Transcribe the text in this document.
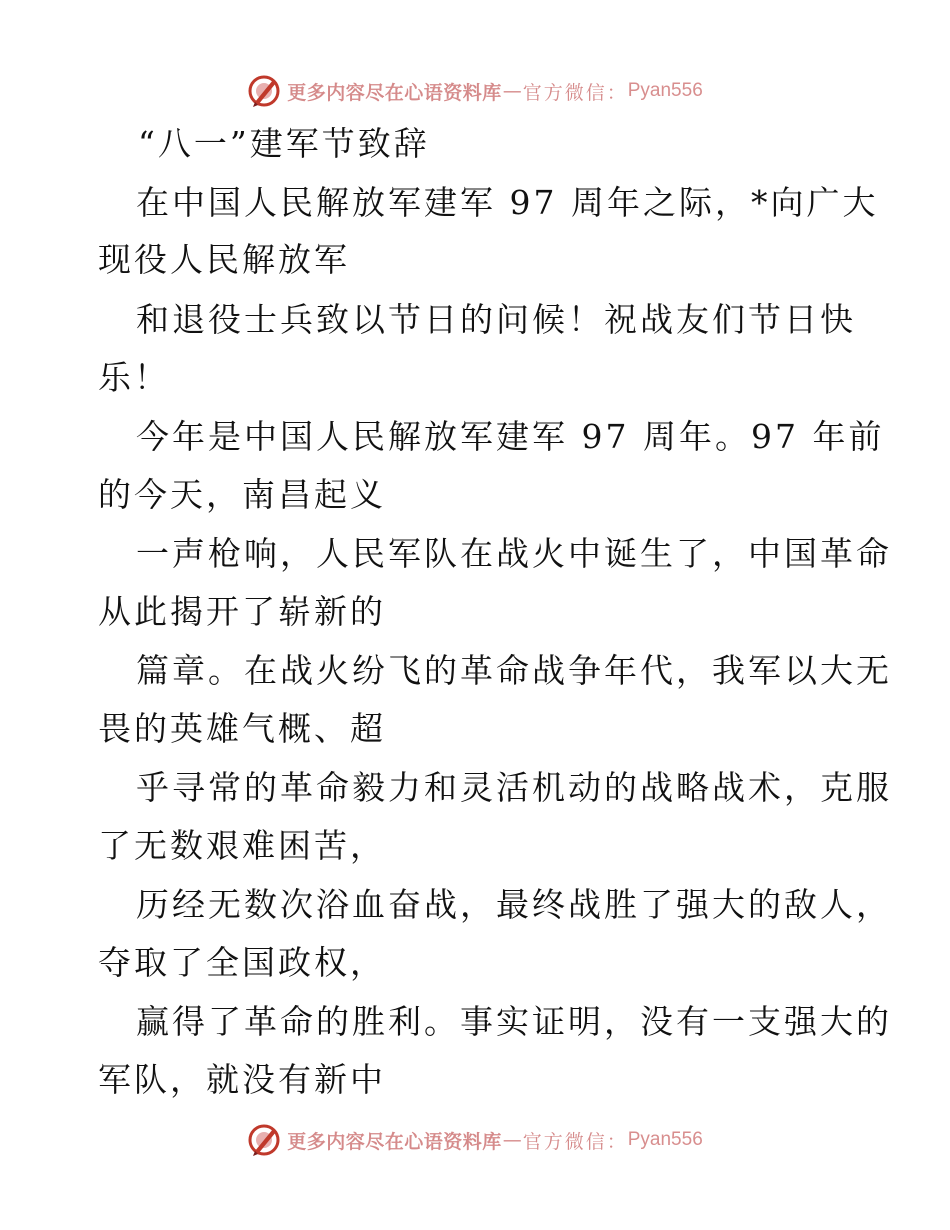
更多内容尽在心语资料库 — 官方微信： Pyan556
“八一”建军节致辞
在中国人民解放军建军 97 周年之际，*向广大
现役人民解放军
和退役士兵致以节日的问候！祝战友们节日快
乐！
今年是中国人民解放军建军 97 周年。97 年前
的今天，南昌起义
一声枪响，人民军队在战火中诞生了，中国革命
从此揭开了崭新的
篇章。在战火纷飞的革命战争年代，我军以大无
畏的英雄气概、超
乎寻常的革命毅力和灵活机动的战略战术，克服
了无数艰难困苦，
历经无数次浴血奋战，最终战胜了强大的敌人，
夺取了全国政权，
赢得了革命的胜利。事实证明，没有一支强大的
军队，就没有新中
更多内容尽在心语资料库 — 官方微信： Pyan556
